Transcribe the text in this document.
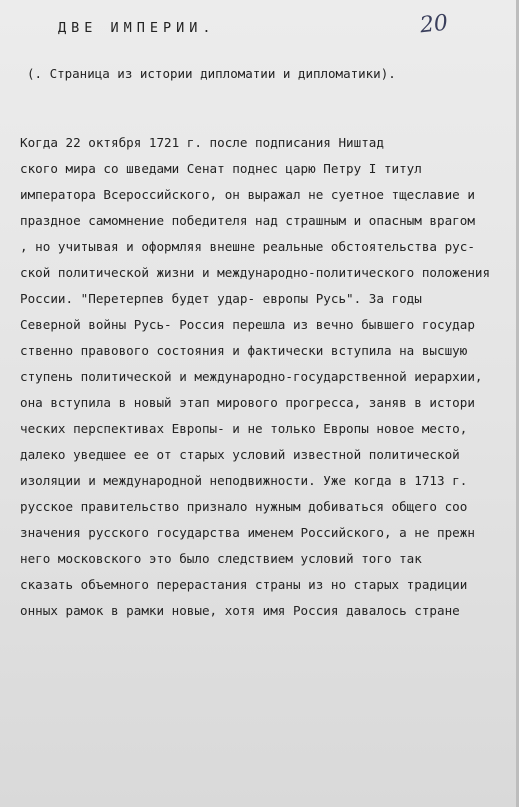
ДВЕ ИМПЕРИИ.	20
(. Страница из истории дипломатии и дипломатики).
Когда 22 октября 1721 г. после подписания Ништад
ского мира со шведами Сенат поднес царю Петру I титул
императора Всероссийского, он выражал не суетное тщеславие и
праздное самомнение победителя над страшным и опасным врагом
, но учитывая и оформляя внешне реальные обстоятельства рус-
ской политической жизни и международно-политического положения
России. "Перетерпев будет удар- европы Русь". За годы
Северной войны Русь- Россия перешла из вечно бывшего государ
ственно правового состояния и фактически вступила на высшую
ступень политической и международно-государственной иерархии,
она вступила в новый этап мирового прогресса, заняв в истори
ческих перспективах Европы- и не только Европы новое место,
далеко уведшее ее от старых условий известной политической
изоляции и международной неподвижности. Уже когда в 1713 г.
русское правительство признало нужным добиваться общего соо
значения русского государства именем Российского, а не прежн
него московского это было следствием условий того так
сказать объемного перерастания страны из но старых традиции
онных рамок в рамки новые, хотя имя Россия давалось стране
